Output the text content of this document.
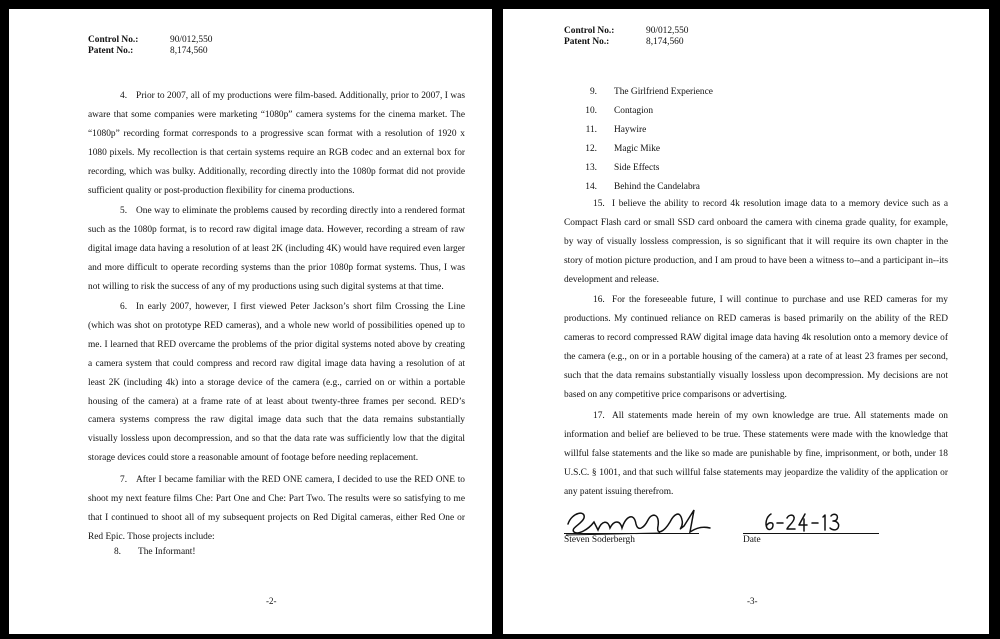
Control No.:	90/012,550
Patent No.:	8,174,560

4. Prior to 2007, all of my productions were film-based. Additionally, prior to 2007, I was aware that some companies were marketing “1080p” camera systems for the cinema market. The “1080p” recording format corresponds to a progressive scan format with a resolution of 1920 x 1080 pixels. My recollection is that certain systems require an RGB codec and an external box for recording, which was bulky. Additionally, recording directly into the 1080p format did not provide sufficient quality or post-production flexibility for cinema productions.

5. One way to eliminate the problems caused by recording directly into a rendered format such as the 1080p format, is to record raw digital image data. However, recording a stream of raw digital image data having a resolution of at least 2K (including 4K) would have required even larger and more difficult to operate recording systems than the prior 1080p format systems. Thus, I was not willing to risk the success of any of my productions using such digital systems at that time.

6. In early 2007, however, I first viewed Peter Jackson’s short film Crossing the Line (which was shot on prototype RED cameras), and a whole new world of possibilities opened up to me. I learned that RED overcame the problems of the prior digital systems noted above by creating a camera system that could compress and record raw digital image data having a resolution of at least 2K (including 4k) into a storage device of the camera (e.g., carried on or within a portable housing of the camera) at a frame rate of at least about twenty-three frames per second. RED’s camera systems compress the raw digital image data such that the data remains substantially visually lossless upon decompression, and so that the data rate was sufficiently low that the digital storage devices could store a reasonable amount of footage before needing replacement.

7. After I became familiar with the RED ONE camera, I decided to use the RED ONE to shoot my next feature films Che: Part One and Che: Part Two. The results were so satisfying to me that I continued to shoot all of my subsequent projects on Red Digital cameras, either Red One or Red Epic. Those projects include:

8. The Informant!
-2-
Control No.:	90/012,550
Patent No.:	8,174,560
9. The Girlfriend Experience
10. Contagion
11. Haywire
12. Magic Mike
13. Side Effects
14. Behind the Candelabra

15. I believe the ability to record 4k resolution image data to a memory device such as a Compact Flash card or small SSD card onboard the camera with cinema grade quality, for example, by way of visually lossless compression, is so significant that it will require its own chapter in the story of motion picture production, and I am proud to have been a witness to--and a participant in--its development and release.

16. For the foreseeable future, I will continue to purchase and use RED cameras for my productions. My continued reliance on RED cameras is based primarily on the ability of the RED cameras to record compressed RAW digital image data having 4k resolution onto a memory device of the camera (e.g., on or in a portable housing of the camera) at a rate of at least 23 frames per second, such that the data remains substantially visually lossless upon decompression. My decisions are not based on any competitive price comparisons or advertising.

17. All statements made herein of my own knowledge are true. All statements made on information and belief are believed to be true. These statements were made with the knowledge that willful false statements and the like so made are punishable by fine, imprisonment, or both, under 18 U.S.C. § 1001, and that such willful false statements may jeopardize the validity of the application or any patent issuing therefrom.

Steven Soderbergh	Date
-3-
